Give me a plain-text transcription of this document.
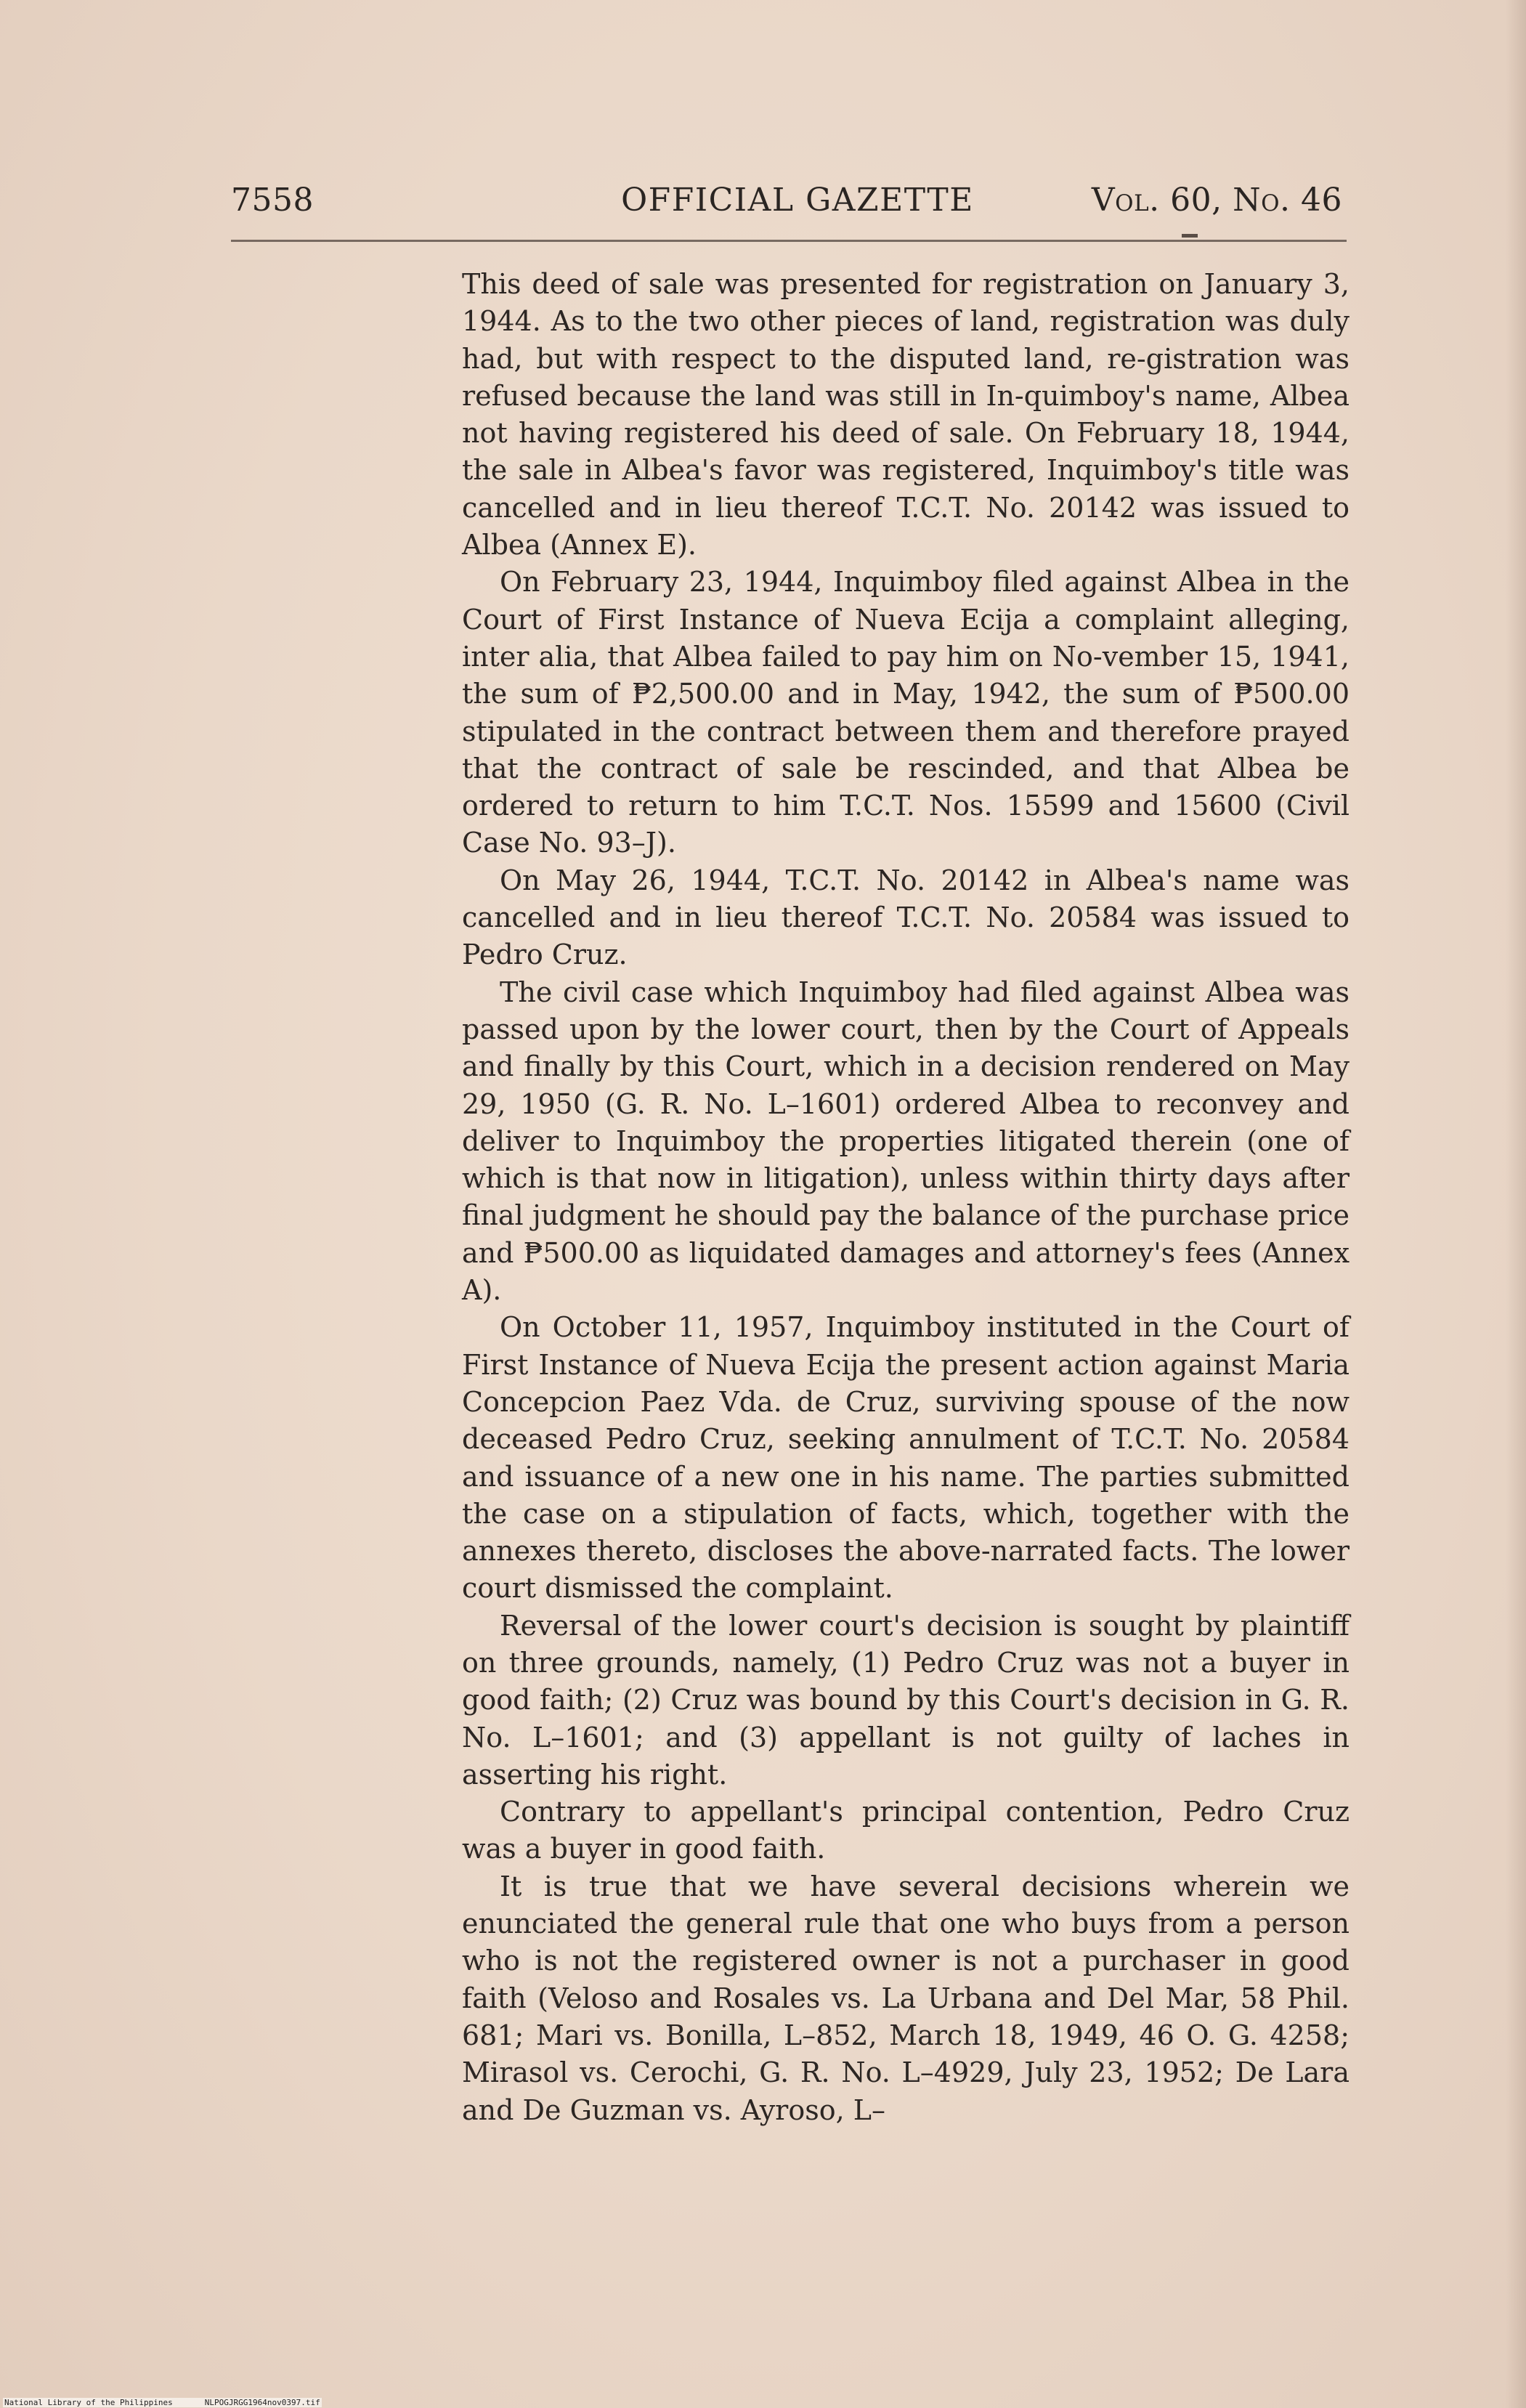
7558	OFFICIAL GAZETTE	Vol. 60, No. 46

This deed of sale was presented for registration on January 3, 1944. As to the two other pieces of land, registration was duly had, but with respect to the disputed land, re-gistration was refused because the land was still in In-quimboy's name, Albea not having registered his deed of sale. On February 18, 1944, the sale in Albea's favor was registered, Inquimboy's title was cancelled and in lieu thereof T.C.T. No. 20142 was issued to Albea (Annex E).

On February 23, 1944, Inquimboy filed against Albea in the Court of First Instance of Nueva Ecija a complaint alleging, inter alia, that Albea failed to pay him on No-vember 15, 1941, the sum of ₱2,500.00 and in May, 1942, the sum of ₱500.00 stipulated in the contract between them and therefore prayed that the contract of sale be rescinded, and that Albea be ordered to return to him T.C.T. Nos. 15599 and 15600 (Civil Case No. 93–J).

On May 26, 1944, T.C.T. No. 20142 in Albea's name was cancelled and in lieu thereof T.C.T. No. 20584 was issued to Pedro Cruz.

The civil case which Inquimboy had filed against Albea was passed upon by the lower court, then by the Court of Appeals and finally by this Court, which in a decision rendered on May 29, 1950 (G. R. No. L–1601) ordered Albea to reconvey and deliver to Inquimboy the properties litigated therein (one of which is that now in litigation), unless within thirty days after final judgment he should pay the balance of the purchase price and ₱500.00 as liquidated damages and attorney's fees (Annex A).

On October 11, 1957, Inquimboy instituted in the Court of First Instance of Nueva Ecija the present action against Maria Concepcion Paez Vda. de Cruz, surviving spouse of the now deceased Pedro Cruz, seeking annulment of T.C.T. No. 20584 and issuance of a new one in his name. The parties submitted the case on a stipulation of facts, which, together with the annexes thereto, discloses the above-narrated facts. The lower court dismissed the complaint.

Reversal of the lower court's decision is sought by plaintiff on three grounds, namely, (1) Pedro Cruz was not a buyer in good faith; (2) Cruz was bound by this Court's decision in G. R. No. L–1601; and (3) appellant is not guilty of laches in asserting his right.

Contrary to appellant's principal contention, Pedro Cruz was a buyer in good faith.

It is true that we have several decisions wherein we enunciated the general rule that one who buys from a person who is not the registered owner is not a purchaser in good faith (Veloso and Rosales vs. La Urbana and Del Mar, 58 Phil. 681; Mari vs. Bonilla, L–852, March 18, 1949, 46 O. G. 4258; Mirasol vs. Cerochi, G. R. No. L–4929, July 23, 1952; De Lara and De Guzman vs. Ayroso, L–

National Library of the Philippines	NLPOGJRGG1964nov0397.tif
